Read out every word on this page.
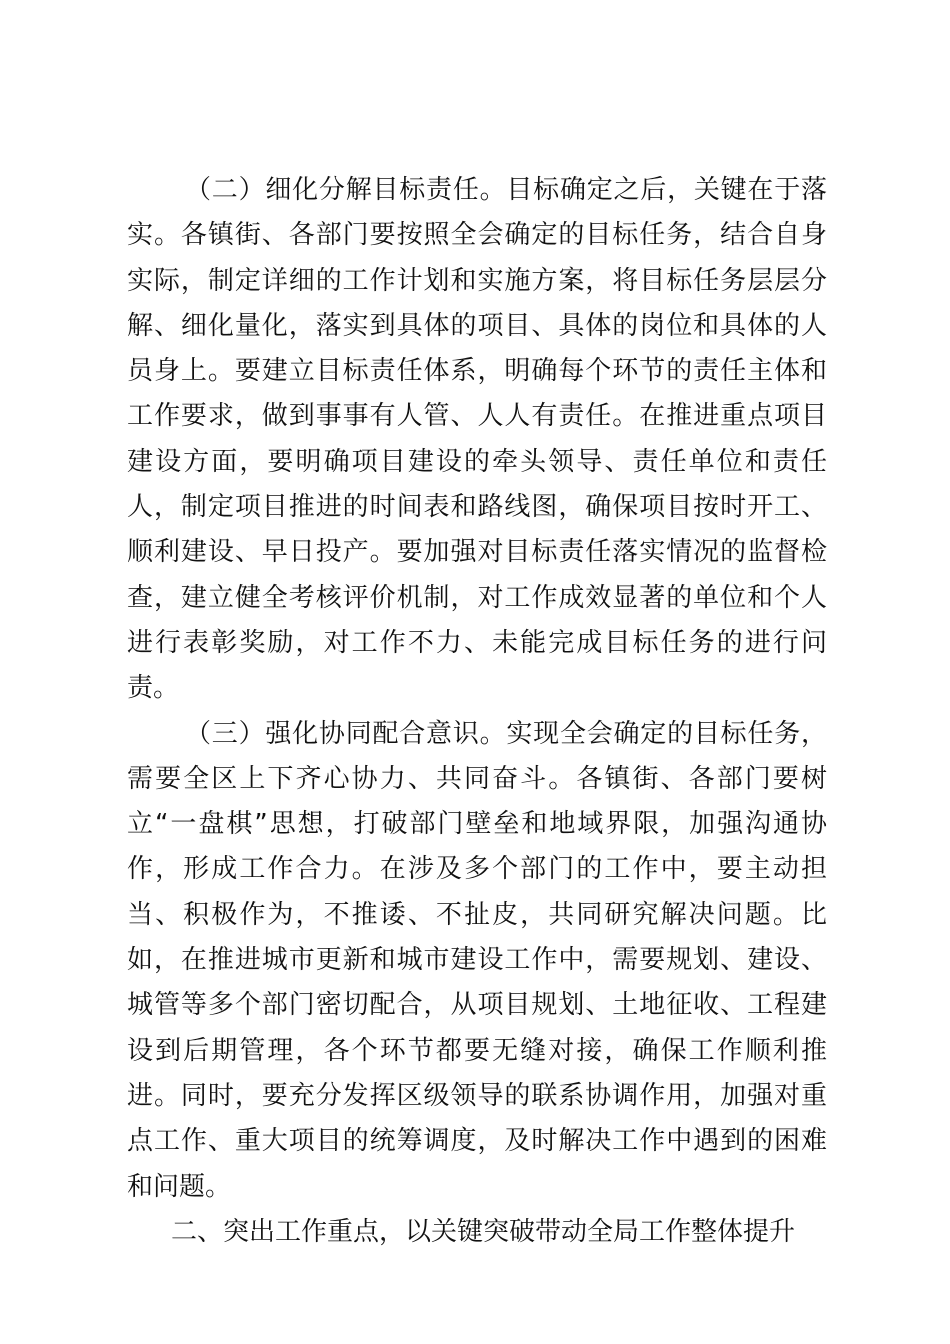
（二）细化分解目标责任。目标确定之后，关键在于落实。各镇街、各部门要按照全会确定的目标任务，结合自身实际，制定详细的工作计划和实施方案，将目标任务层层分解、细化量化，落实到具体的项目、具体的岗位和具体的人员身上。要建立目标责任体系，明确每个环节的责任主体和工作要求，做到事事有人管、人人有责任。在推进重点项目建设方面，要明确项目建设的牵头领导、责任单位和责任人，制定项目推进的时间表和路线图，确保项目按时开工、顺利建设、早日投产。要加强对目标责任落实情况的监督检查，建立健全考核评价机制，对工作成效显著的单位和个人进行表彰奖励，对工作不力、未能完成目标任务的进行问责。

（三）强化协同配合意识。实现全会确定的目标任务，需要全区上下齐心协力、共同奋斗。各镇街、各部门要树立“一盘棋”思想，打破部门壁垒和地域界限，加强沟通协作，形成工作合力。在涉及多个部门的工作中，要主动担当、积极作为，不推诿、不扯皮，共同研究解决问题。比如，在推进城市更新和城市建设工作中，需要规划、建设、城管等多个部门密切配合，从项目规划、土地征收、工程建设到后期管理，各个环节都要无缝对接，确保工作顺利推进。同时，要充分发挥区级领导的联系协调作用，加强对重点工作、重大项目的统筹调度，及时解决工作中遇到的困难和问题。

二、突出工作重点，以关键突破带动全局工作整体提升
